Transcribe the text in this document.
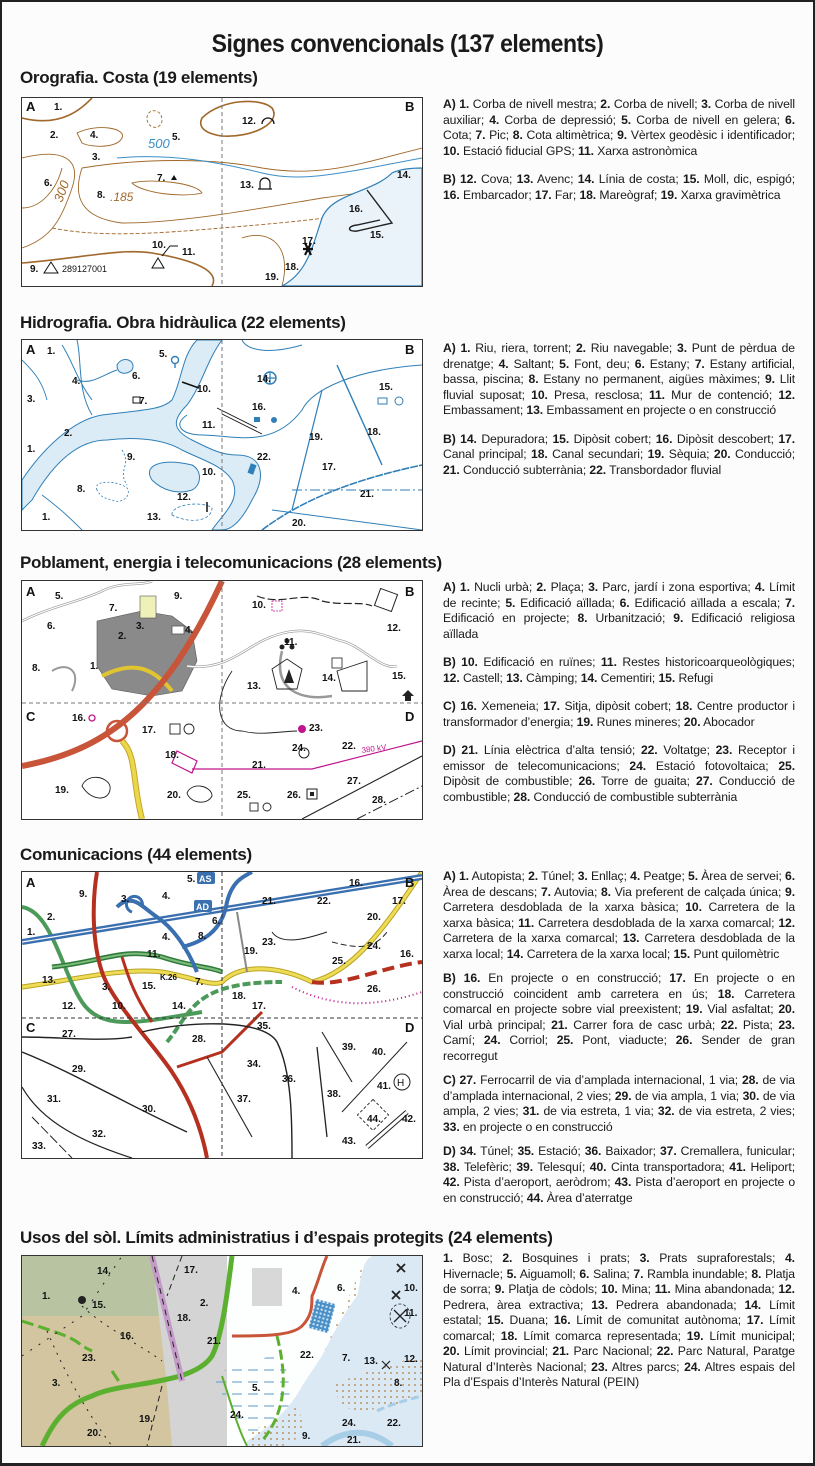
Signes convencionals (137 elements)
Orografia. Costa (19 elements)
A	B
1.
2.	4.
3.
5.
500
6.
300 8. .185
7.
12.
13.
14.
15.
16.
17.
18.
19.
10.
11.
9.	289127001

A) 1. Corba de nivell mestra; 2. Corba de nivell; 3. Corba de nivell auxiliar; 4. Corba de depressió; 5. Corba de nivell en gelera; 6. Cota; 7. Pic; 8. Cota altimètrica; 9. Vèrtex geodèsic i identificador; 10. Estació fiducial GPS; 11. Xarxa astronòmica

B) 12. Cova; 13. Avenc; 14. Línia de costa; 15. Moll, dic, espigó; 16. Embarcador; 17. Far; 18. Mareògraf; 19. Xarxa gravimètrica

Hidrografia. Obra hidràulica (22 elements)
A	B
1.	5.
6.
4.
3.	7.
10.
14.
15.
16.
11.
2.
1.
9.	22.
10.
19.	18.
17.
8.
12.	21.
13.
1.
20.

A) 1. Riu, riera, torrent; 2. Riu navegable; 3. Punt de pèrdua de drenatge; 4. Saltant; 5. Font, deu; 6. Estany; 7. Estany artificial, bassa, piscina; 8. Estany no permanent, aigües màximes; 9. Llit fluvial suposat; 10. Presa, resclosa; 11. Mur de contenció; 12. Embassament; 13. Embassament en projecte o en construcció

B) 14. Depuradora; 15. Dipòsit cobert; 16. Dipòsit descobert; 17. Canal principal; 18. Canal secundari; 19. Sèquia; 20. Conducció; 21. Conducció subterrània; 22. Transbordador fluvial

Poblament, energia i telecomunicacions (28 elements)
A	B
C	D
5.	9.
7.
3.	4.
6.
2.
1.
8.
10.
11.
12.
13.
14.	15.
16.
17.
18.
23.
24.	22. 380 kV
21.
19.	20.	25.	26.
27.
28.

A) 1. Nucli urbà; 2. Plaça; 3. Parc, jardí i zona esportiva; 4. Límit de recinte; 5. Edificació aïllada; 6. Edificació aïllada a escala; 7. Edificació en projecte; 8. Urbanització; 9. Edificació religiosa aïllada

B) 10. Edificació en ruïnes; 11. Restes historicoarqueològiques; 12. Castell; 13. Càmping; 14. Cementiri; 15. Refugi

C) 16. Xemeneia; 17. Sitja, dipòsit cobert; 18. Centre productor i transformador d’energia; 19. Runes mineres; 20. Abocador

D) 21. Línia elèctrica d’alta tensió; 22. Voltatge; 23. Receptor i emissor de telecomunicacions; 24. Estació fotovoltaica; 25. Dipòsit de combustible; 26. Torre de guaita; 27. Conducció de combustible; 28. Conducció de combustible subterrània

Comunicacions (44 elements)
AS
AD
H
A	B
C	D
9.	3.	4.
5.
2.
1.
6.
4.	8.
11.	19.
23.
21.	22.
16.
17.
20.
24.
25.
16.
26.
13.
3.	15.
K.26 7.
12.	10.	14.
18.
17.
27.	28.
35.
29.	34.
36.
37.	38.
39. 40.
41.
44. 42.
43.
31.
30.
32.
33.

A) 1. Autopista; 2. Túnel; 3. Enllaç; 4. Peatge; 5. Àrea de servei; 6. Àrea de descans; 7. Autovia; 8. Via preferent de calçada única; 9. Carretera desdoblada de la xarxa bàsica; 10. Carretera de la xarxa bàsica; 11. Carretera desdoblada de la xarxa comarcal; 12. Carretera de la xarxa comarcal; 13. Carretera desdoblada de la xarxa local; 14. Carretera de la xarxa local; 15. Punt quilomètric

B) 16. En projecte o en construcció; 17. En projecte o en construcció coincident amb carretera en ús; 18. Carretera comarcal en projecte sobre vial preexistent; 19. Vial asfaltat; 20. Vial urbà principal; 21. Carrer fora de casc urbà; 22. Pista; 23. Camí; 24. Corriol; 25. Pont, viaducte; 26. Sender de gran recorregut

C) 27. Ferrocarril de via d’amplada internacional, 1 via; 28. de via d’amplada internacional, 2 vies; 29. de via ampla, 1 via; 30. de via ampla, 2 vies; 31. de via estreta, 1 via; 32. de via estreta, 2 vies; 33. en projecte o en construcció

D) 34. Túnel; 35. Estació; 36. Baixador; 37. Cremallera, funicular; 38. Telefèric; 39. Telesquí; 40. Cinta transportadora; 41. Heliport; 42. Pista d’aeroport, aeròdrom; 43. Pista d’aeroport en projecte o en construcció; 44. Àrea d’aterratge

Usos del sòl. Límits administratius i d’espais protegits (24 elements)
1.
14.
15.
17.
2.
18.
16.	21.
23.
3.
19.
20.
4.	6.	10.
11.
12.
13.
8.
7.
22.
5.
24.
9.
24.	22.
21.

1. Bosc; 2. Bosquines i prats; 3. Prats supraforestals; 4. Hivernacle; 5. Aiguamoll; 6. Salina; 7. Rambla inundable; 8. Platja de sorra; 9. Platja de còdols; 10. Mina; 11. Mina abandonada; 12. Pedrera, àrea extractiva; 13. Pedrera abandonada; 14. Límit estatal; 15. Duana; 16. Límit de comunitat autònoma; 17. Límit comarcal; 18. Límit comarca representada; 19. Límit municipal; 20. Límit provincial; 21. Parc Nacional; 22. Parc Natural, Paratge Natural d’Interès Nacional; 23. Altres parcs; 24. Altres espais del Pla d’Espais d’Interès Natural (PEIN)
